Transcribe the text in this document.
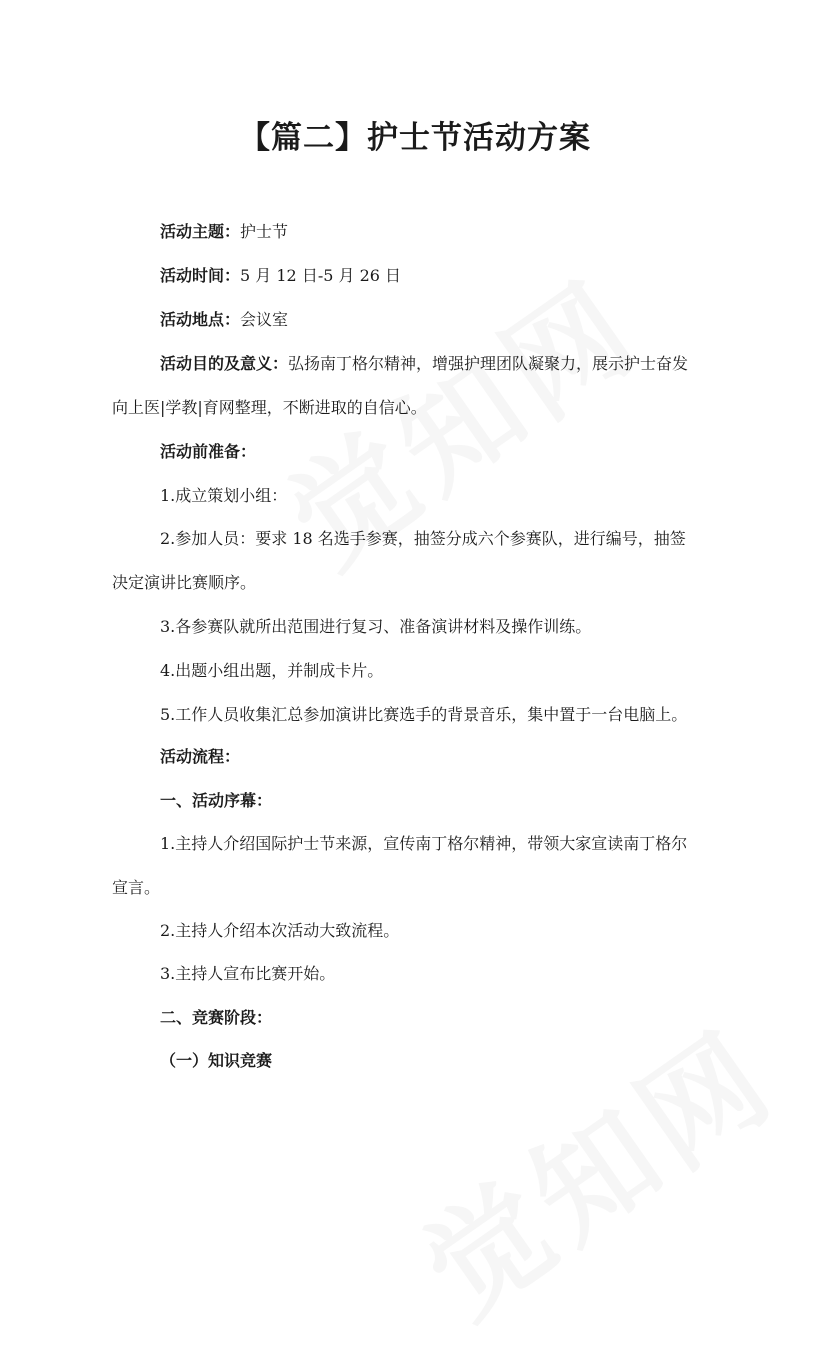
【篇二】护士节活动方案
活动主题：护士节
活动时间：5 月 12 日-5 月 26 日
活动地点：会议室
活动目的及意义：弘扬南丁格尔精神，增强护理团队凝聚力，展示护士奋发
向上医|学教|育网整理，不断进取的自信心。
活动前准备：
1.成立策划小组：
2.参加人员：要求 18 名选手参赛，抽签分成六个参赛队，进行编号，抽签
决定演讲比赛顺序。
3.各参赛队就所出范围进行复习、准备演讲材料及操作训练。
4.出题小组出题，并制成卡片。
5.工作人员收集汇总参加演讲比赛选手的背景音乐，集中置于一台电脑上。
活动流程：
一、活动序幕：
1.主持人介绍国际护士节来源，宣传南丁格尔精神，带领大家宣读南丁格尔
宣言。
2.主持人介绍本次活动大致流程。
3.主持人宣布比赛开始。
二、竞赛阶段：
（一）知识竞赛
